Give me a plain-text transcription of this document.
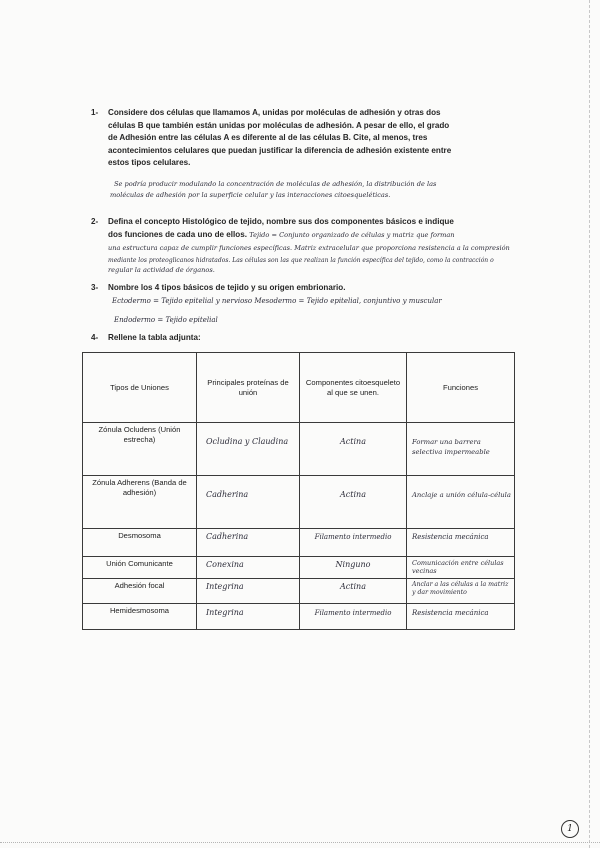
1- Considere dos células que llamamos A, unidas por moléculas de adhesión y otras dos
células B que también están unidas por moléculas de adhesión. A pesar de ello, el grado
de Adhesión entre las células A es diferente al de las células B. Cite, al menos, tres
acontecimientos celulares que puedan justificar la diferencia de adhesión existente entre
estos tipos celulares.
Se podría producir modulando la concentración de moléculas de adhesión, la distribución de las
moléculas de adhesión por la superficie celular y las interacciones citoesqueléticas.
2- Defina el concepto Histológico de tejido, nombre sus dos componentes básicos e indique
dos funciones de cada uno de ellos. Tejido = Conjunto organizado de células y matriz que forman
una estructura capaz de cumplir funciones específicas. Matriz extracelular que proporciona resistencia a la compresión
mediante los proteoglicanos hidratados. Las células son las que realizan la función específica del tejido, como la contracción o
regular la actividad de órganos.
3- Nombre los 4 tipos básicos de tejido y su origen embrionario.
Ectodermo = Tejido epitelial y nervioso Mesodermo = Tejido epitelial, conjuntivo y muscular
Endodermo = Tejido epitelial
4- Rellene la tabla adjunta:
Tipos de Uniones	Principales proteínas de unión	Componentes citoesqueleto al que se unen.	Funciones
Zónula Ocludens (Unión estrecha)	Ocludina y Claudina	Actina	Formar una barrera selectiva impermeable

Zónula Adherens (Banda de adhesión)	Cadherina	Actina	Anclaje a unión célula-célula

Desmosoma	Cadherina	Filamento intermedio	Resistencia mecánica

Unión Comunicante	Conexina	Ninguno	Comunicación entre células vecinas

Adhesión focal	Integrina	Actina	Anclar a las células a la matriz y dar movimiento

Hemidesmosoma	Integrina	Filamento intermedio	Resistencia mecánica
1
